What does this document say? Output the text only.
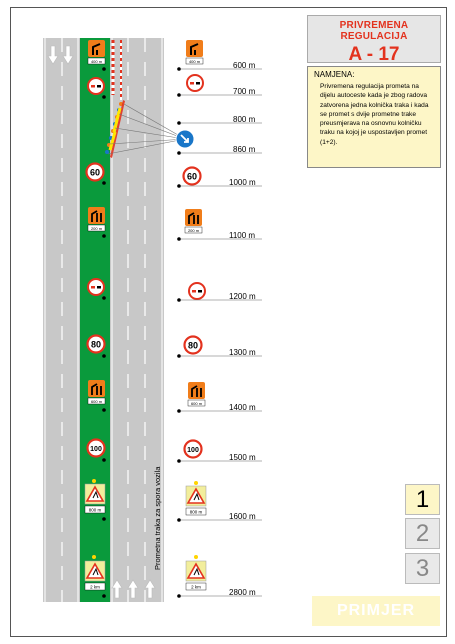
Prometna traka za spora vozila
400 m
60
200 m
80
600 m
100
800 m
2 km
400 m
60
200 m
80
600 m
100
800 m
2 km
600 m
700 m
800 m
860 m
1000 m
1100 m
1200 m
1300 m
1400 m
1500 m
1600 m
2800 m
PRIVREMENA REGULACIJA
A - 17
NAMJENA:
Privremena regulacija prometa na dijelu autoceste kada je zbog radova zatvorena jedna kolnička traka i kada se promet s dvije prometne trake preusmjerava na osnovnu kolničku traku na kojoj je uspostavljen promet (1+2).
1
2
3
PRIMJER
